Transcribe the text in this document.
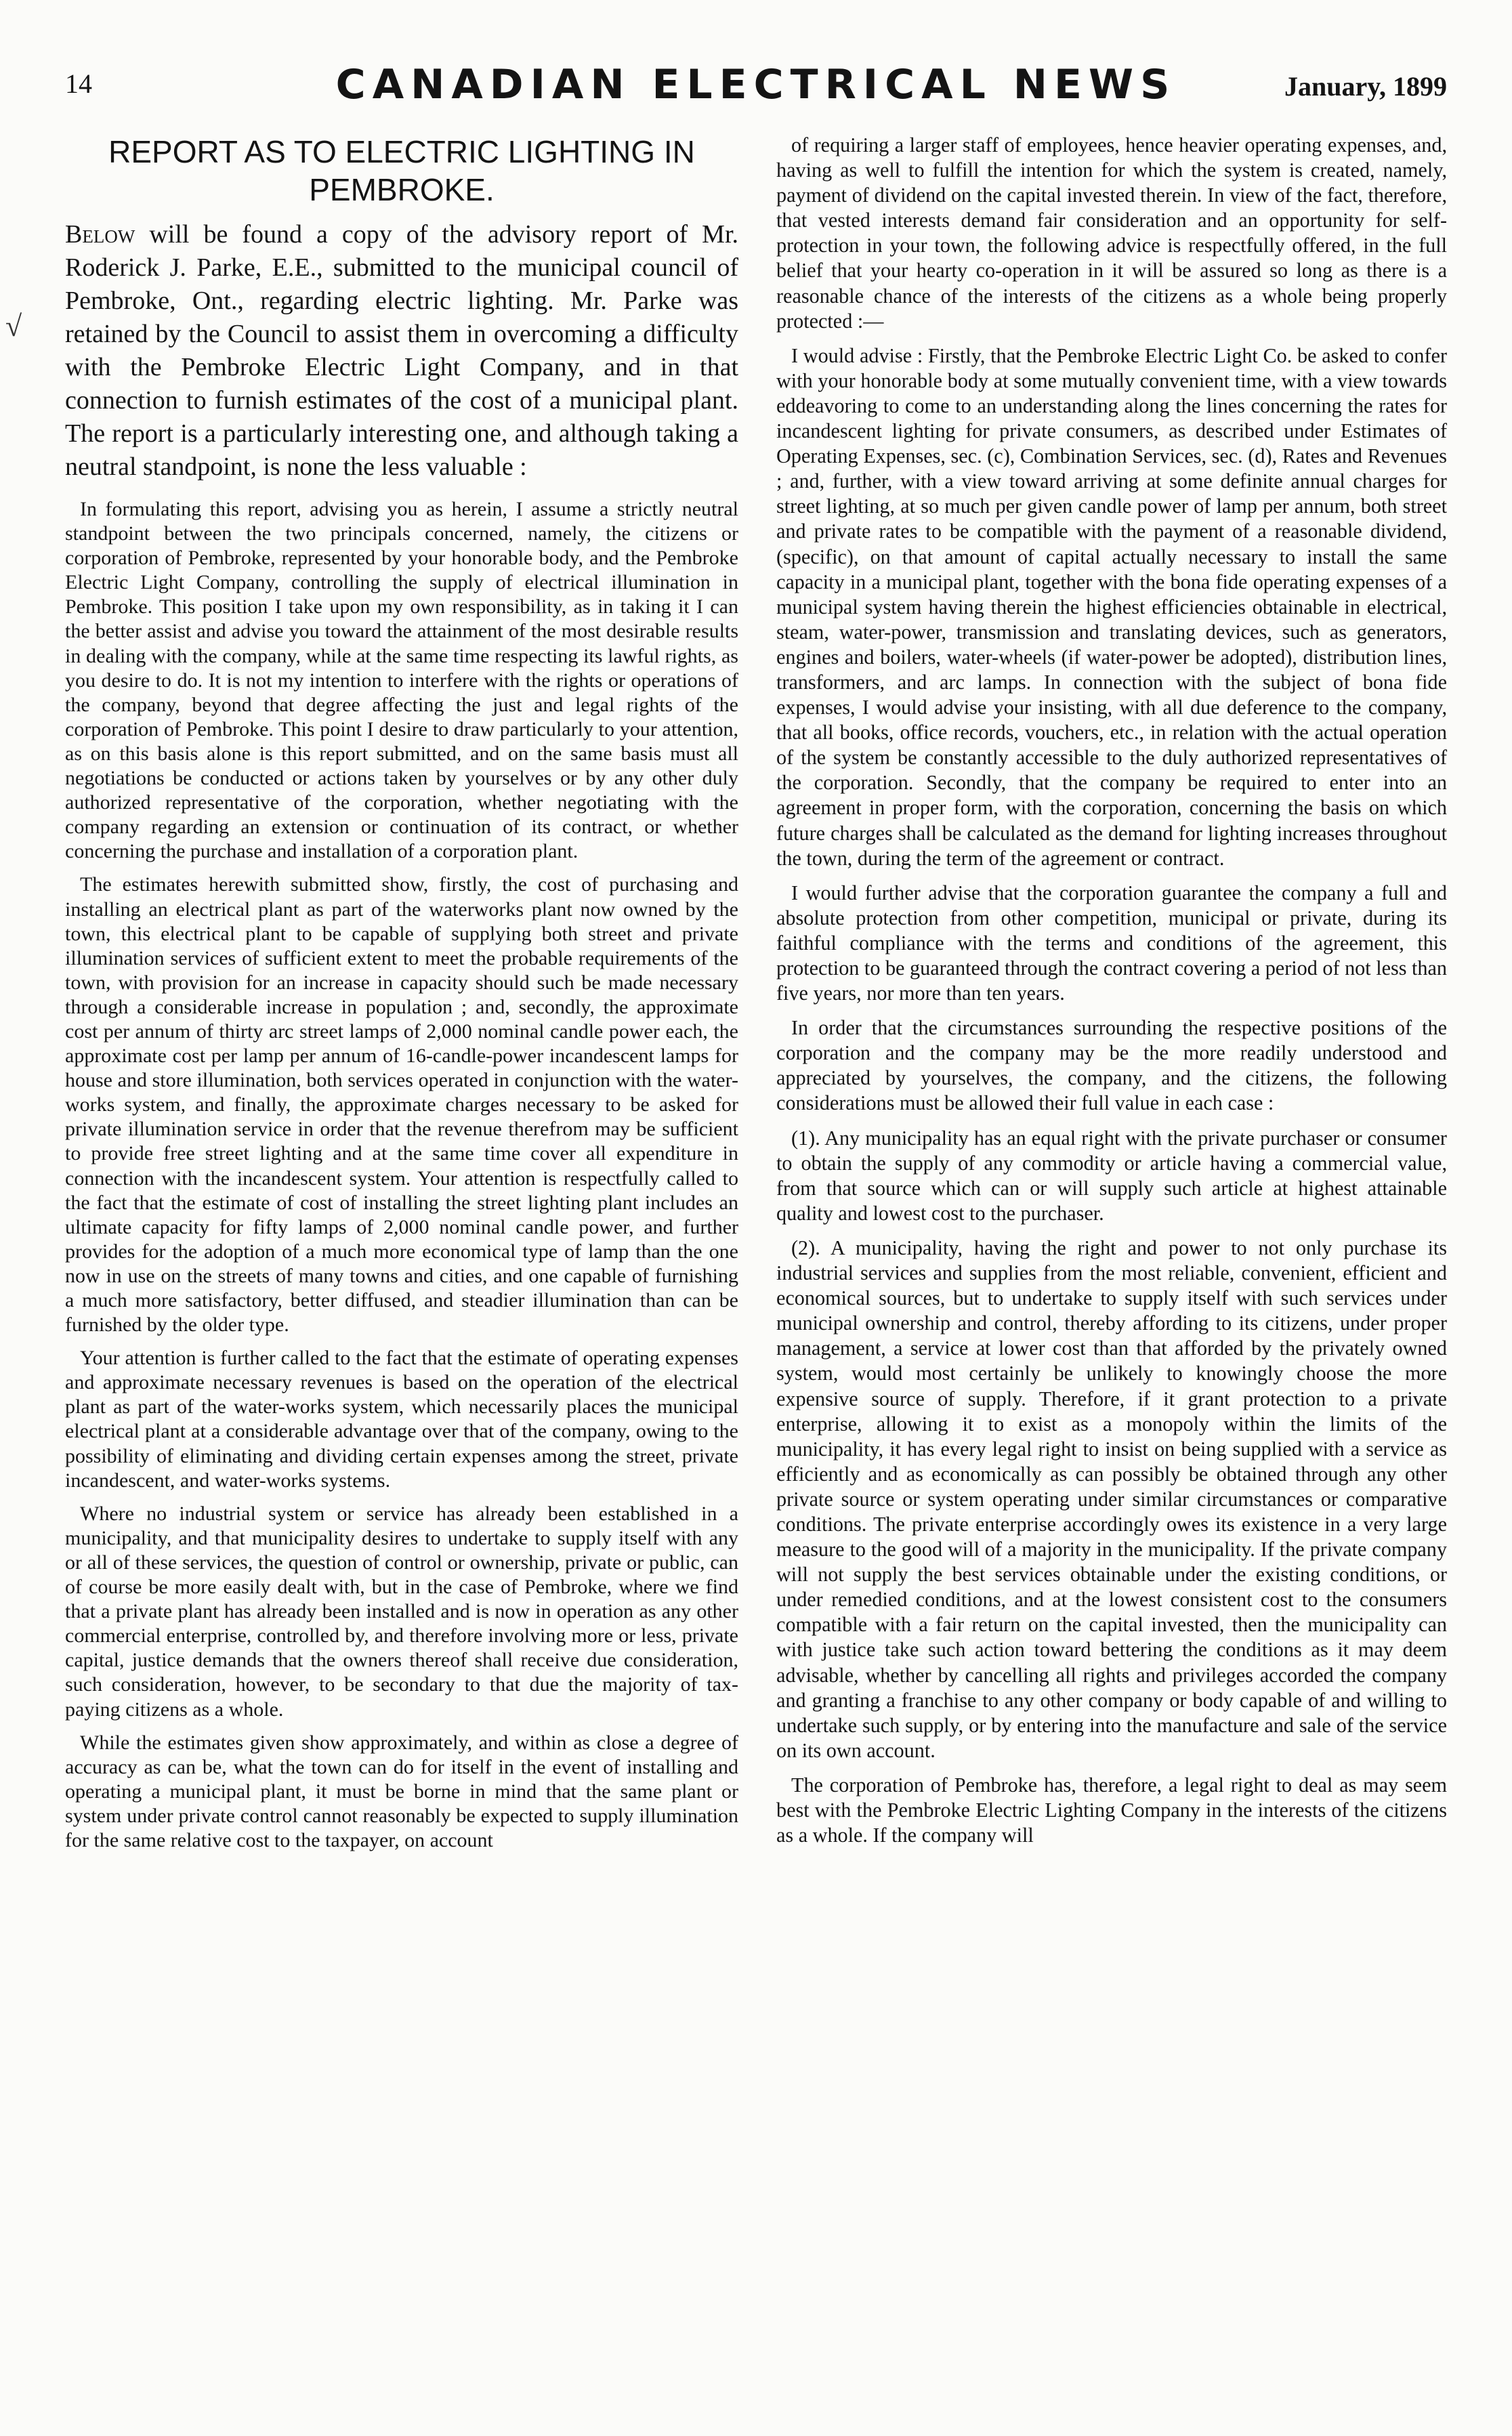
14	CANADIAN ELECTRICAL NEWS	January, 1899
√
REPORT AS TO ELECTRIC LIGHTING IN PEMBROKE.

Below will be found a copy of the advisory report of Mr. Roderick J. Parke, E.E., submitted to the municipal council of Pembroke, Ont., regarding electric lighting. Mr. Parke was retained by the Council to assist them in overcoming a difficulty with the Pembroke Electric Light Company, and in that connection to furnish estimates of the cost of a municipal plant. The report is a particularly interesting one, and although taking a neutral standpoint, is none the less valuable :

In formulating this report, advising you as herein, I assume a strictly neutral standpoint between the two principals concerned, namely, the citizens or corporation of Pembroke, represented by your honorable body, and the Pembroke Electric Light Company, controlling the supply of electrical illumination in Pembroke. This position I take upon my own responsibility, as in taking it I can the better assist and advise you toward the attainment of the most desirable results in dealing with the company, while at the same time respecting its lawful rights, as you desire to do. It is not my intention to interfere with the rights or operations of the company, beyond that degree affecting the just and legal rights of the corporation of Pembroke. This point I desire to draw particularly to your attention, as on this basis alone is this report submitted, and on the same basis must all negotiations be conducted or actions taken by yourselves or by any other duly authorized representative of the corporation, whether negotiating with the company regarding an extension or continuation of its contract, or whether concerning the purchase and installation of a corporation plant.

The estimates herewith submitted show, firstly, the cost of purchasing and installing an electrical plant as part of the waterworks plant now owned by the town, this electrical plant to be capable of supplying both street and private illumination services of sufficient extent to meet the probable requirements of the town, with provision for an increase in capacity should such be made necessary through a considerable increase in population ; and, secondly, the approximate cost per annum of thirty arc street lamps of 2,000 nominal candle power each, the approximate cost per lamp per annum of 16-candle-power incandescent lamps for house and store illumination, both services operated in conjunction with the water-works system, and finally, the approximate charges necessary to be asked for private illumination service in order that the revenue therefrom may be sufficient to provide free street lighting and at the same time cover all expenditure in connection with the incandescent system. Your attention is respectfully called to the fact that the estimate of cost of installing the street lighting plant includes an ultimate capacity for fifty lamps of 2,000 nominal candle power, and further provides for the adoption of a much more economical type of lamp than the one now in use on the streets of many towns and cities, and one capable of furnishing a much more satisfactory, better diffused, and steadier illumination than can be furnished by the older type.

Your attention is further called to the fact that the estimate of operating expenses and approximate necessary revenues is based on the operation of the electrical plant as part of the water-works system, which necessarily places the municipal electrical plant at a considerable advantage over that of the company, owing to the possibility of eliminating and dividing certain expenses among the street, private incandescent, and water-works systems.

Where no industrial system or service has already been established in a municipality, and that municipality desires to undertake to supply itself with any or all of these services, the question of control or ownership, private or public, can of course be more easily dealt with, but in the case of Pembroke, where we find that a private plant has already been installed and is now in operation as any other commercial enterprise, controlled by, and therefore involving more or less, private capital, justice demands that the owners thereof shall receive due consideration, such consideration, however, to be secondary to that due the majority of tax-paying citizens as a whole.

While the estimates given show approximately, and within as close a degree of accuracy as can be, what the town can do for itself in the event of installing and operating a municipal plant, it must be borne in mind that the same plant or system under private control cannot reasonably be expected to supply illumination for the same relative cost to the taxpayer, on account

of requiring a larger staff of employees, hence heavier operating expenses, and, having as well to fulfill the intention for which the system is created, namely, payment of dividend on the capital invested therein. In view of the fact, therefore, that vested interests demand fair consideration and an opportunity for self-protection in your town, the following advice is respectfully offered, in the full belief that your hearty co-operation in it will be assured so long as there is a reasonable chance of the interests of the citizens as a whole being properly protected :—

I would advise : Firstly, that the Pembroke Electric Light Co. be asked to confer with your honorable body at some mutually convenient time, with a view towards eddeavoring to come to an understanding along the lines concerning the rates for incandescent lighting for private consumers, as described under Estimates of Operating Expenses, sec. (c), Combination Services, sec. (d), Rates and Revenues ; and, further, with a view toward arriving at some definite annual charges for street lighting, at so much per given candle power of lamp per annum, both street and private rates to be compatible with the payment of a reasonable dividend, (specific), on that amount of capital actually necessary to install the same capacity in a municipal plant, together with the bona fide operating expenses of a municipal system having therein the highest efficiencies obtainable in electrical, steam, water-power, transmission and translating devices, such as generators, engines and boilers, water-wheels (if water-power be adopted), distribution lines, transformers, and arc lamps. In connection with the subject of bona fide expenses, I would advise your insisting, with all due deference to the company, that all books, office records, vouchers, etc., in relation with the actual operation of the system be constantly accessible to the duly authorized representatives of the corporation. Secondly, that the company be required to enter into an agreement in proper form, with the corporation, concerning the basis on which future charges shall be calculated as the demand for lighting increases throughout the town, during the term of the agreement or contract.

I would further advise that the corporation guarantee the company a full and absolute protection from other competition, municipal or private, during its faithful compliance with the terms and conditions of the agreement, this protection to be guaranteed through the contract covering a period of not less than five years, nor more than ten years.

In order that the circumstances surrounding the respective positions of the corporation and the company may be the more readily understood and appreciated by yourselves, the company, and the citizens, the following considerations must be allowed their full value in each case :

(1). Any municipality has an equal right with the private purchaser or consumer to obtain the supply of any commodity or article having a commercial value, from that source which can or will supply such article at highest attainable quality and lowest cost to the purchaser.

(2). A municipality, having the right and power to not only purchase its industrial services and supplies from the most reliable, convenient, efficient and economical sources, but to undertake to supply itself with such services under municipal ownership and control, thereby affording to its citizens, under proper management, a service at lower cost than that afforded by the privately owned system, would most certainly be unlikely to knowingly choose the more expensive source of supply. Therefore, if it grant protection to a private enterprise, allowing it to exist as a monopoly within the limits of the municipality, it has every legal right to insist on being supplied with a service as efficiently and as economically as can possibly be obtained through any other private source or system operating under similar circumstances or comparative conditions. The private enterprise accordingly owes its existence in a very large measure to the good will of a majority in the municipality. If the private company will not supply the best services obtainable under the existing conditions, or under remedied conditions, and at the lowest consistent cost to the consumers compatible with a fair return on the capital invested, then the municipality can with justice take such action toward bettering the conditions as it may deem advisable, whether by cancelling all rights and privileges accorded the company and granting a franchise to any other company or body capable of and willing to undertake such supply, or by entering into the manufacture and sale of the service on its own account.

The corporation of Pembroke has, therefore, a legal right to deal as may seem best with the Pembroke Electric Lighting Company in the interests of the citizens as a whole. If the company will
